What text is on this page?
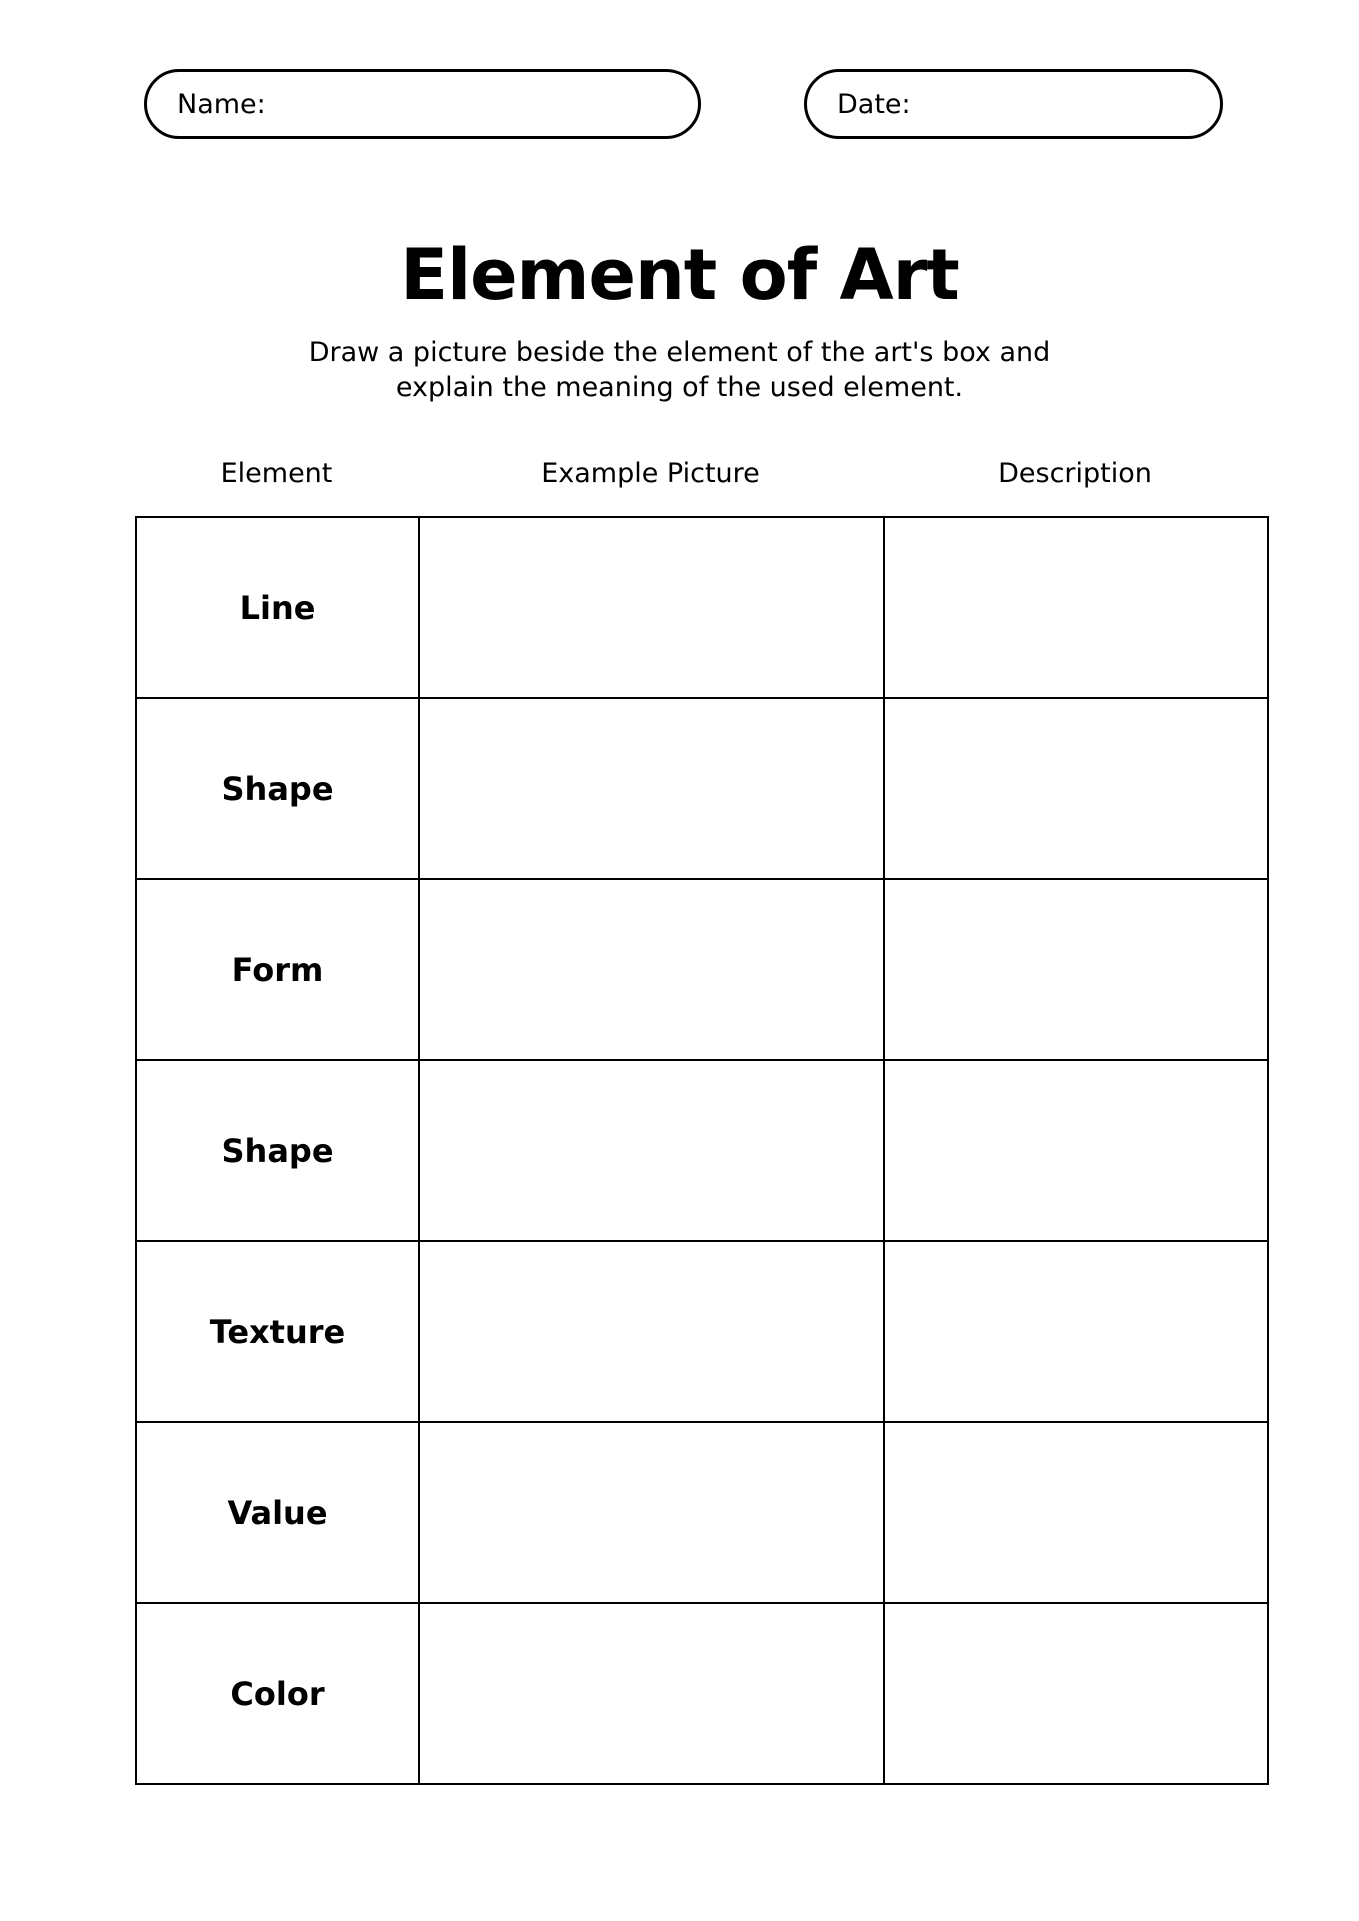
Name:	Date:
Element of Art
Draw a picture beside the element of the art's box and
explain the meaning of the used element.
Element	Example Picture	Description
Line		
Shape		
Form		
Shape		
Texture		
Value		
Color		
